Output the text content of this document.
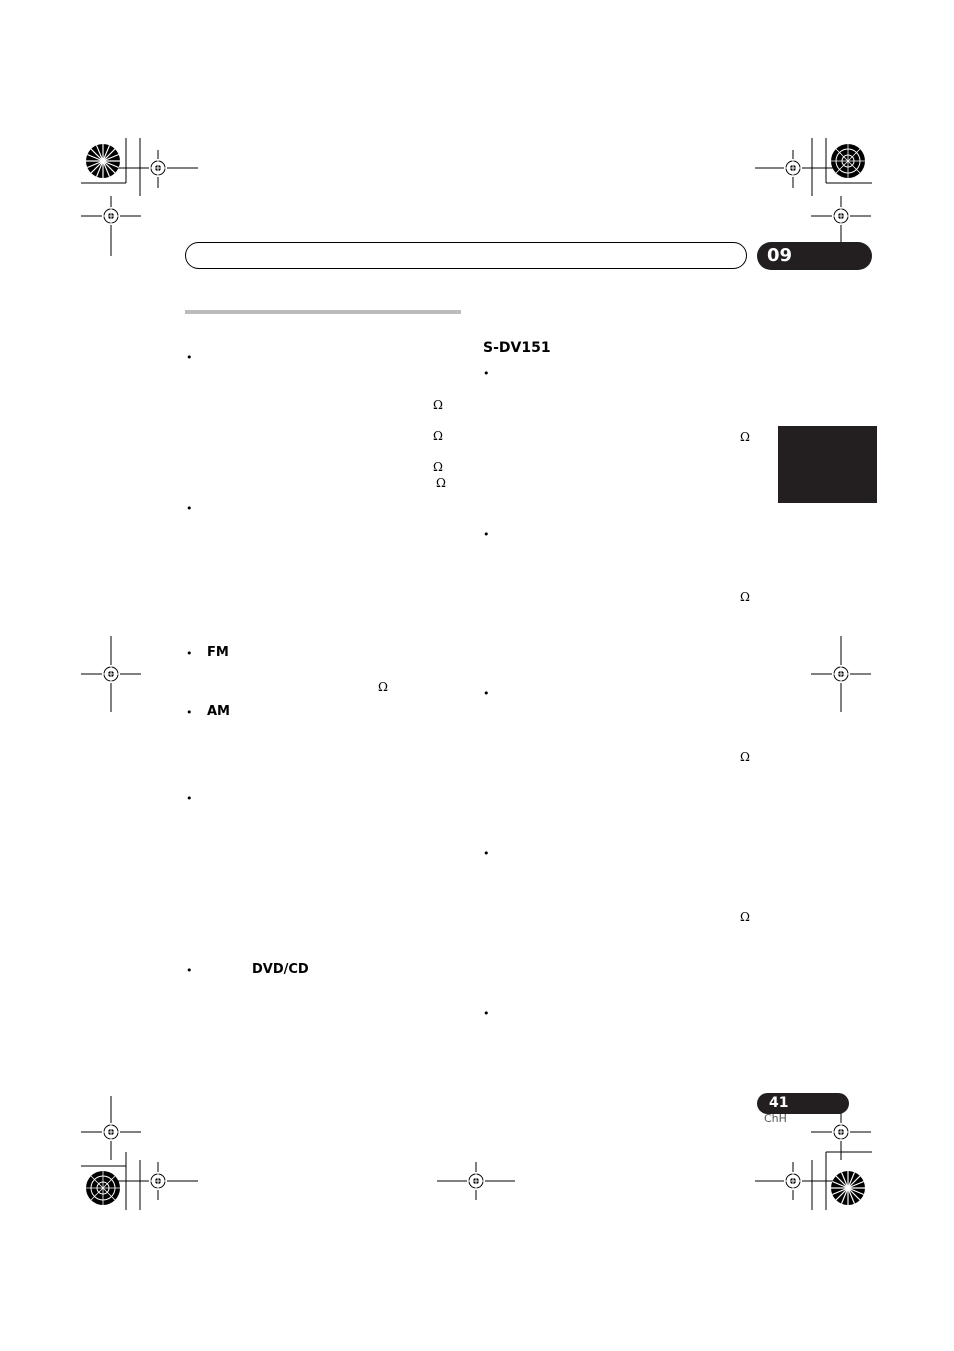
09
•
Ω
Ω
Ω
Ω
•
• FM
Ω
• AM
•
•	DVD/CD
S-DV151
•
Ω
•
Ω
•
Ω
•
Ω
•
41
ChH
